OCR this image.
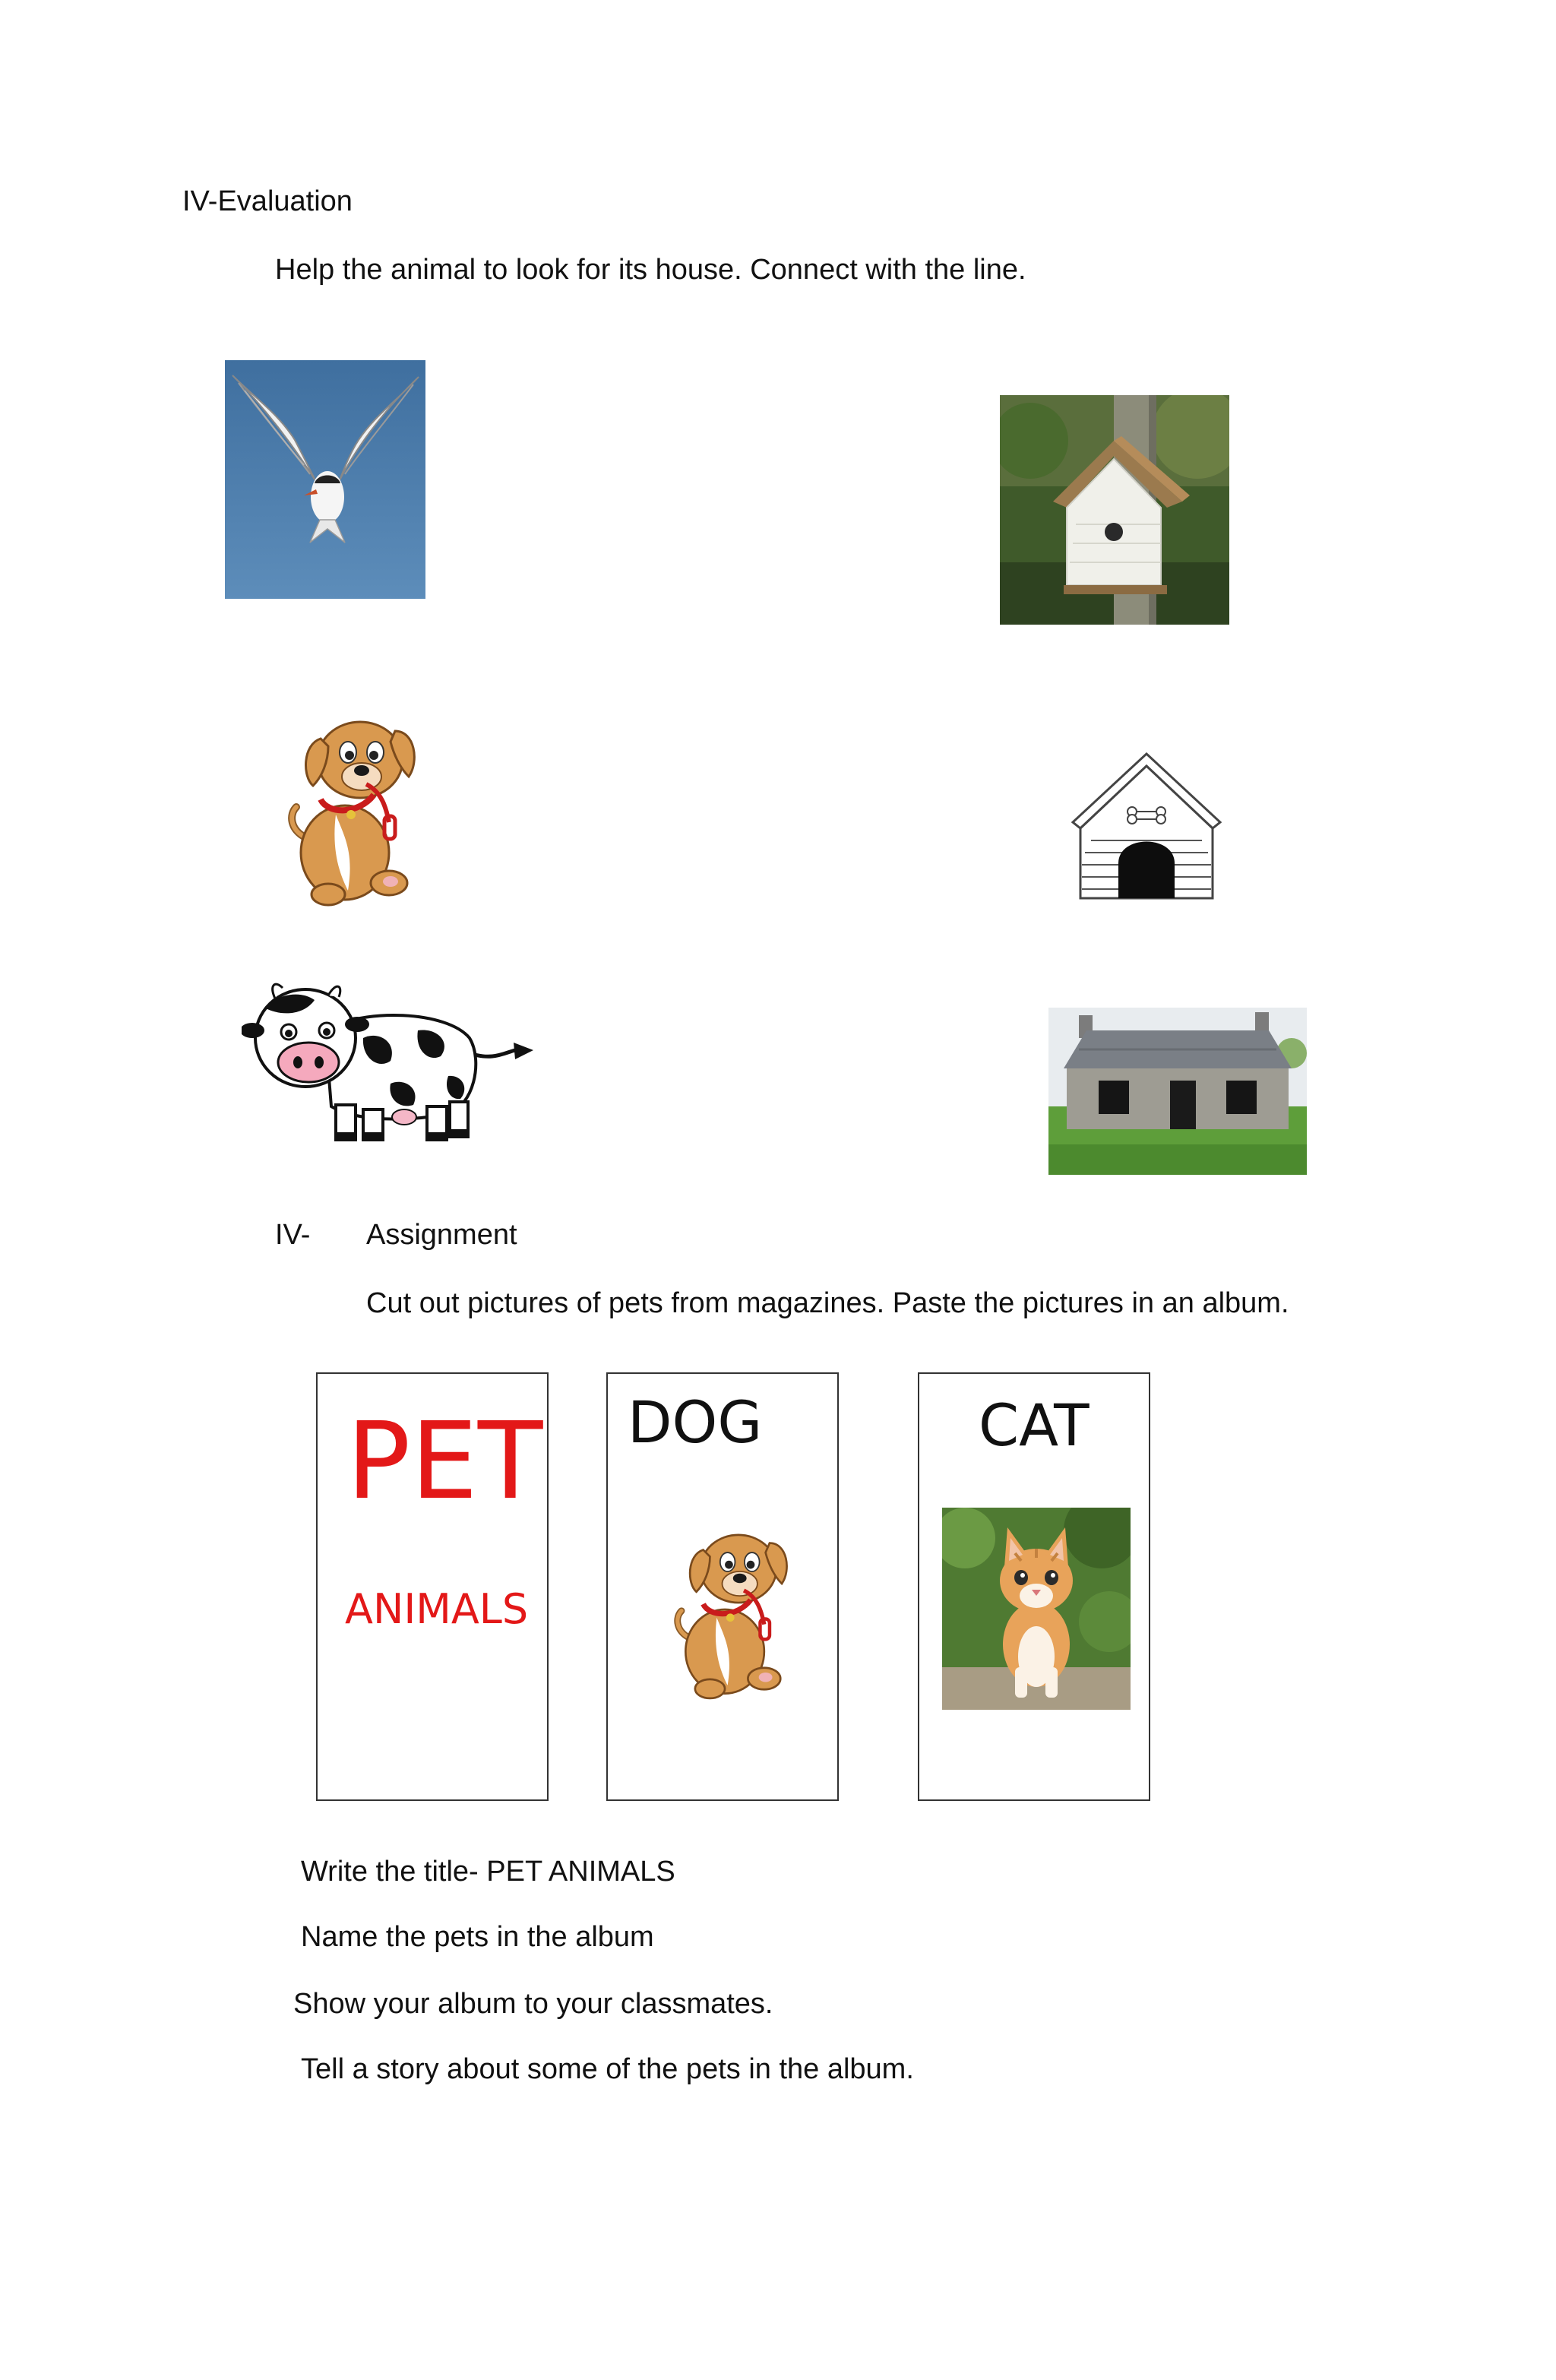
IV-Evaluation
Help the animal to look for its house. Connect with the line.
IV- Assignment
Cut out pictures of pets from magazines. Paste the pictures in an album.
PET
ANIMALS
DOG	CAT
Write the title- PET ANIMALS
Name the pets in the album
Show your album to your classmates.
Tell a story about some of the pets in the album.
